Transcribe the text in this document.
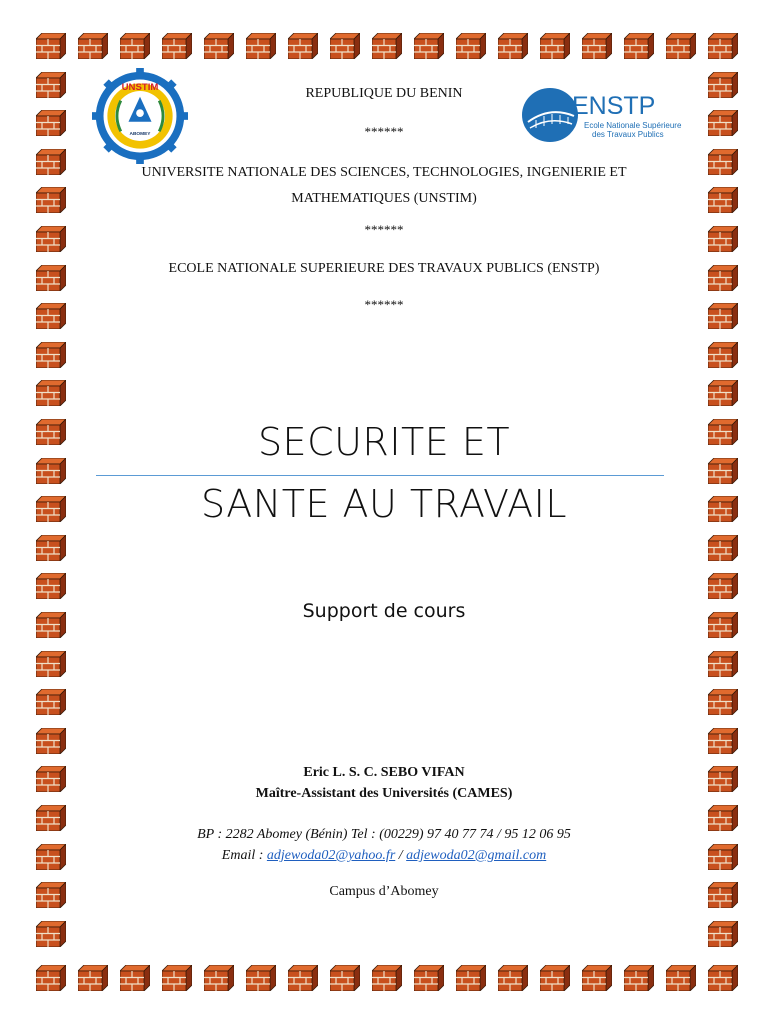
UNSTIM
ABOMEY
ENSTP
Ecole Nationale Supérieure
des Travaux Publics
REPUBLIQUE DU BENIN
******
UNIVERSITE NATIONALE DES SCIENCES, TECHNOLOGIES, INGENIERIE ET MATHEMATIQUES (UNSTIM)
******
ECOLE NATIONALE SUPERIEURE DES TRAVAUX PUBLICS (ENSTP)
******
SECURITE ET
SANTE AU TRAVAIL
Support de cours
Eric L. S. C. SEBO VIFAN
Maître-Assistant des Universités (CAMES)
BP : 2282 Abomey (Bénin) Tel : (00229) 97 40 77 74 / 95 12 06 95
Email : adjewoda02@yahoo.fr / adjewoda02@gmail.com
Campus d’Abomey
